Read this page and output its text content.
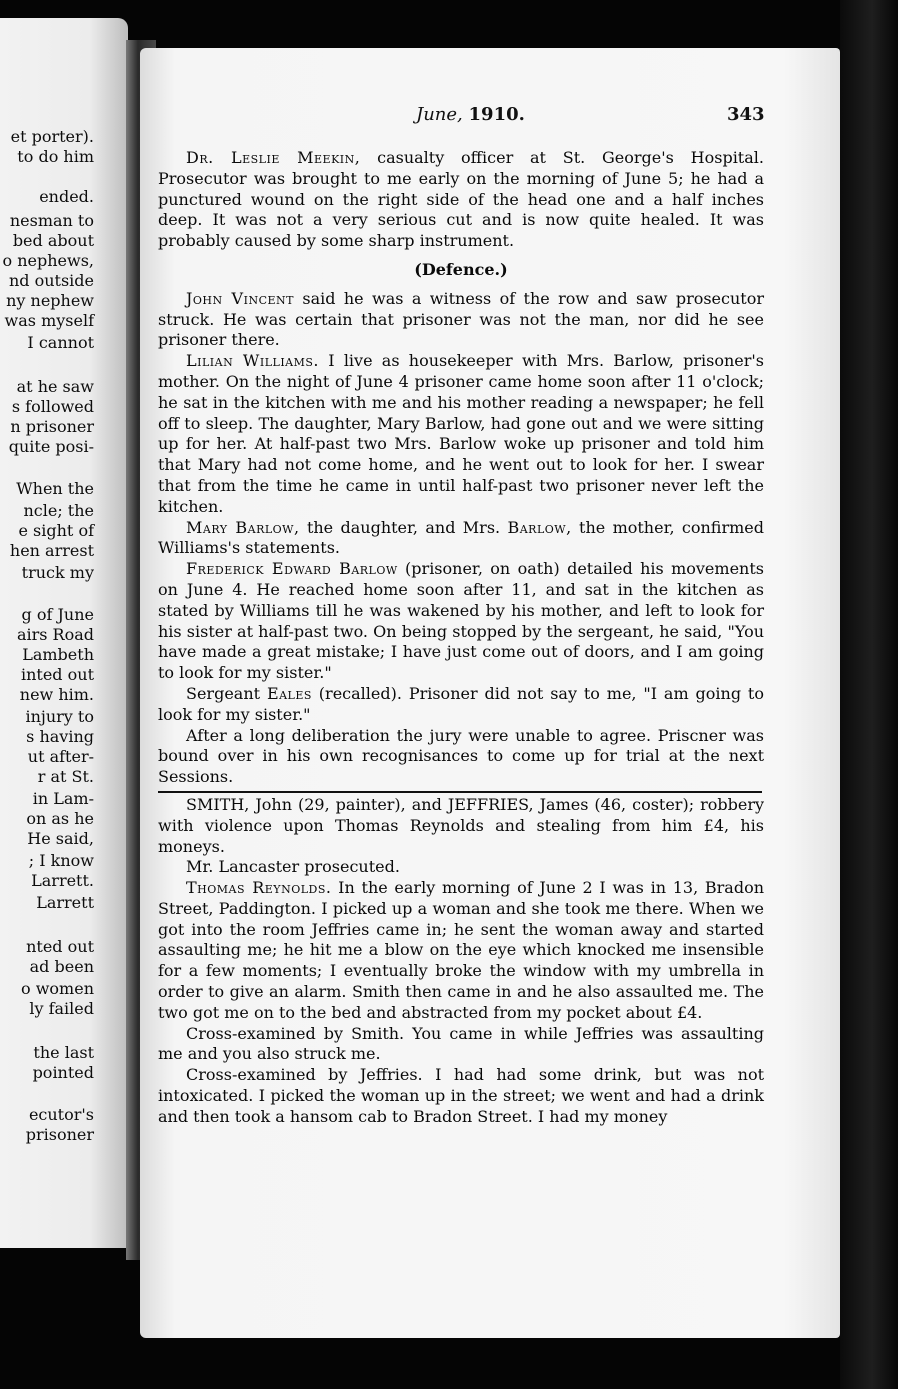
et porter).
to do him
ended.
nesman to
bed about
o nephews,
nd outside
ny nephew
was myself
I cannot
at he saw
s followed
n prisoner
quite posi-
When the
ncle; the
e sight of
hen arrest
truck my
g of June
airs Road
Lambeth
inted out
new him.
injury to
s having
ut after-
r at St.
in Lam-
on as he
He said,
; I know
Larrett.
Larrett
nted out
ad been
o women
ly failed
the last
pointed
ecutor's
prisoner
June, 1910.	343

Dr. Leslie Meekin, casualty officer at St. George's Hospital. Prosecutor was brought to me early on the morning of June 5; he had a punctured wound on the right side of the head one and a half inches deep. It was not a very serious cut and is now quite healed. It was probably caused by some sharp instrument.

(Defence.)

John Vincent said he was a witness of the row and saw prosecutor struck. He was certain that prisoner was not the man, nor did he see prisoner there.

Lilian Williams. I live as housekeeper with Mrs. Barlow, prisoner's mother. On the night of June 4 prisoner came home soon after 11 o'clock; he sat in the kitchen with me and his mother reading a newspaper; he fell off to sleep. The daughter, Mary Barlow, had gone out and we were sitting up for her. At half-past two Mrs. Barlow woke up prisoner and told him that Mary had not come home, and he went out to look for her. I swear that from the time he came in until half-past two prisoner never left the kitchen.

Mary Barlow, the daughter, and Mrs. Barlow, the mother, confirmed Williams's statements.

Frederick Edward Barlow (prisoner, on oath) detailed his movements on June 4. He reached home soon after 11, and sat in the kitchen as stated by Williams till he was wakened by his mother, and left to look for his sister at half-past two. On being stopped by the sergeant, he said, "You have made a great mistake; I have just come out of doors, and I am going to look for my sister."

Sergeant Eales (recalled). Prisoner did not say to me, "I am going to look for my sister."

After a long deliberation the jury were unable to agree. Priscner was bound over in his own recognisances to come up for trial at the next Sessions.

SMITH, John (29, painter), and JEFFRIES, James (46, coster); robbery with violence upon Thomas Reynolds and stealing from him £4, his moneys.

Mr. Lancaster prosecuted.

Thomas Reynolds. In the early morning of June 2 I was in 13, Bradon Street, Paddington. I picked up a woman and she took me there. When we got into the room Jeffries came in; he sent the woman away and started assaulting me; he hit me a blow on the eye which knocked me insensible for a few moments; I eventually broke the window with my umbrella in order to give an alarm. Smith then came in and he also assaulted me. The two got me on to the bed and abstracted from my pocket about £4.

Cross-examined by Smith. You came in while Jeffries was assaulting me and you also struck me.

Cross-examined by Jeffries. I had had some drink, but was not intoxicated. I picked the woman up in the street; we went and had a drink and then took a hansom cab to Bradon Street. I had my money
